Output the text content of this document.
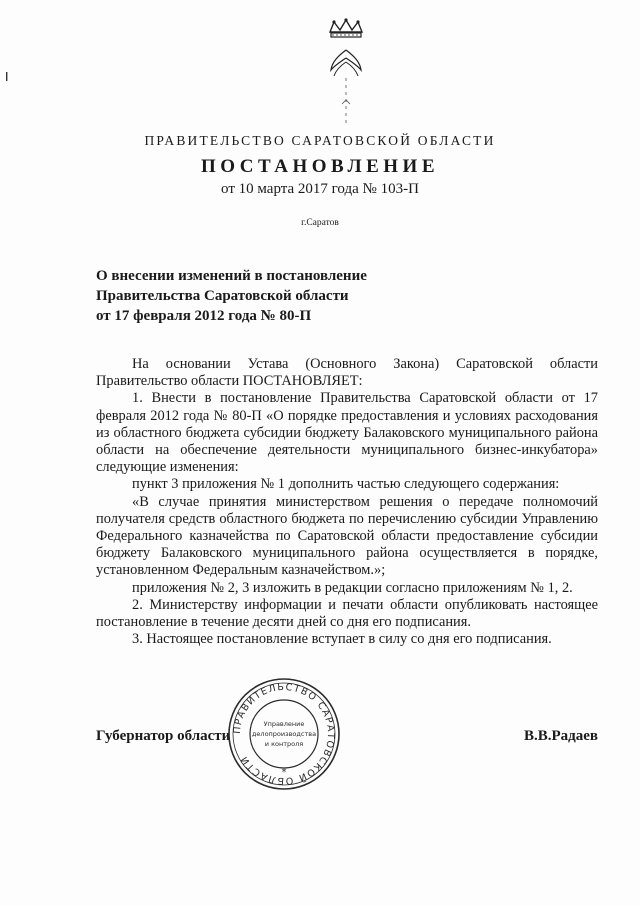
ПРАВИТЕЛЬСТВО САРАТОВСКОЙ ОБЛАСТИ
ПОСТАНОВЛЕНИЕ
от 10 марта 2017 года № 103-П
г.Саратов
О внесении изменений в постановление
Правительства Саратовской области
от 17 февраля 2012 года № 80-П

На основании Устава (Основного Закона) Саратовской области Правительство области ПОСТАНОВЛЯЕТ:

1. Внести в постановление Правительства Саратовской области от 17 февраля 2012 года № 80-П «О порядке предоставления и условиях расходования из областного бюджета субсидии бюджету Балаковского муниципального района области на обеспечение деятельности муниципального бизнес-инкубатора» следующие изменения:

пункт 3 приложения № 1 дополнить частью следующего содержания:

«В случае принятия министерством решения о передаче полномочий получателя средств областного бюджета по перечислению субсидии Управлению Федерального казначейства по Саратовской области предоставление субсидии бюджету Балаковского муниципального района осуществляется в порядке, установленном Федеральным казначейством.»;

приложения № 2, 3 изложить в редакции согласно приложениям № 1, 2.

2. Министерству информации и печати области опубликовать настоящее постановление в течение десяти дней со дня его подписания.

3. Настоящее постановление вступает в силу со дня его подписания.

Губернатор области	В.В.Радаев
ПРАВИТЕЛЬСТВО САРАТОВСКОЙ ОБЛАСТИ
*
Управление
делопроизводства
и контроля
